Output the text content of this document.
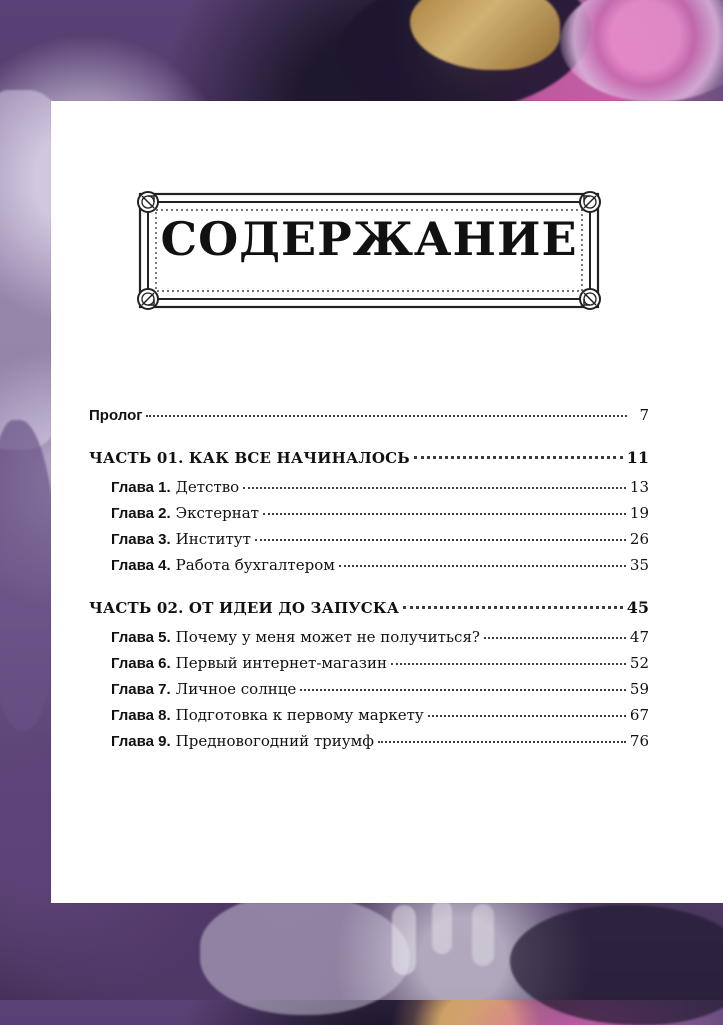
СОДЕРЖАНИЕ
Пролог	7
ЧАСТЬ 01. КАК ВСЕ НАЧИНАЛОСЬ	11
Глава 1. Детство	13
Глава 2. Экстернат	19
Глава 3. Институт	26
Глава 4. Работа бухгалтером	35
ЧАСТЬ 02. ОТ ИДЕИ ДО ЗАПУСКА	45
Глава 5. Почему у меня может не получиться?	47
Глава 6. Первый интернет-магазин	52
Глава 7. Личное солнце	59
Глава 8. Подготовка к первому маркету	67
Глава 9. Предновогодний триумф	76
